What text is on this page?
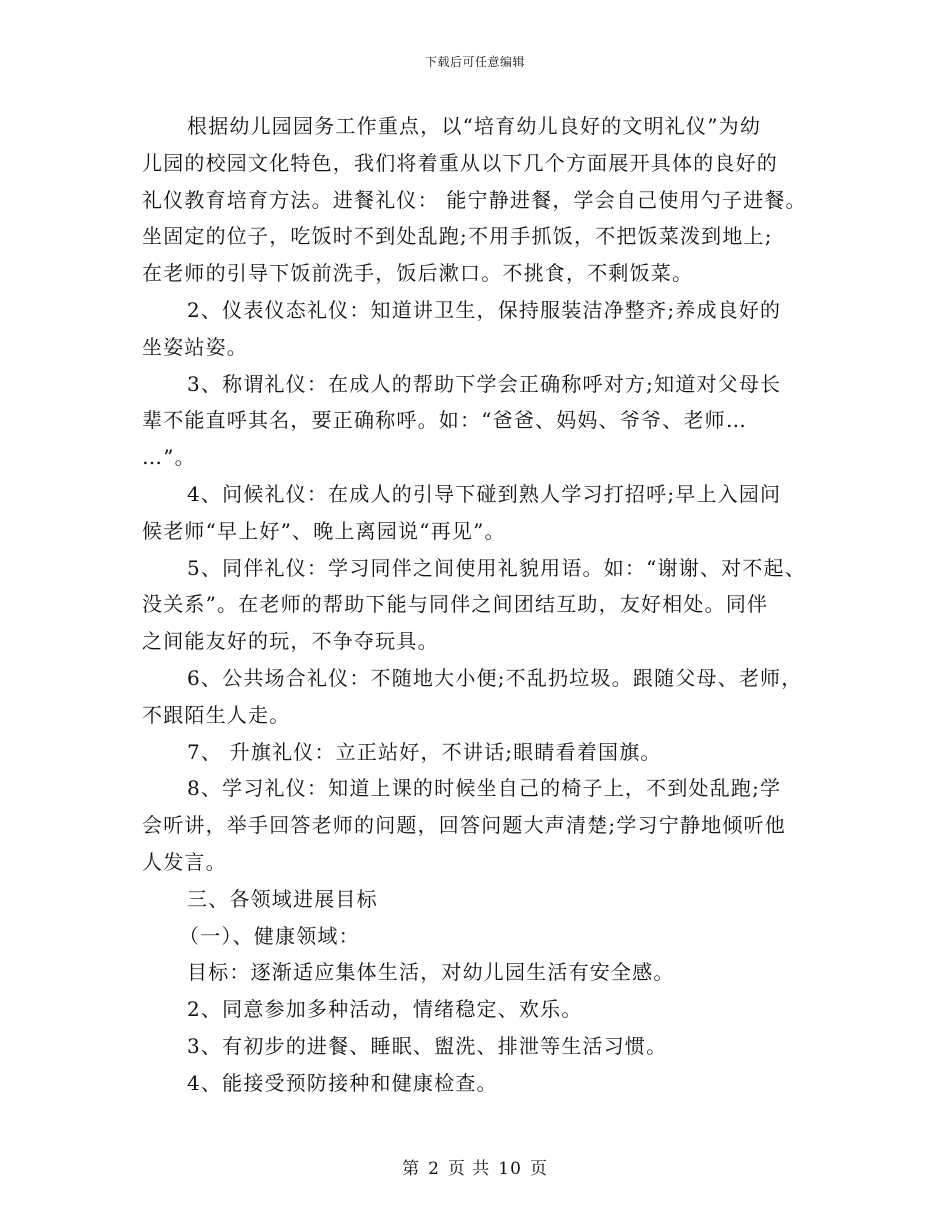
下载后可任意编辑
根据幼儿园园务工作重点，以“培育幼儿良好的文明礼仪”为幼
儿园的校园文化特色，我们将着重从以下几个方面展开具体的良好的
礼仪教育培育方法。进餐礼仪： 能宁静进餐，学会自己使用勺子进餐。
坐固定的位子，吃饭时不到处乱跑;不用手抓饭，不把饭菜泼到地上;
在老师的引导下饭前洗手，饭后漱口。不挑食，不剩饭菜。
2、仪表仪态礼仪：知道讲卫生，保持服装洁净整齐;养成良好的
坐姿站姿。
3、称谓礼仪：在成人的帮助下学会正确称呼对方;知道对父母长
辈不能直呼其名，要正确称呼。如：“爸爸、妈妈、爷爷、老师…
…”。
4、问候礼仪：在成人的引导下碰到熟人学习打招呼;早上入园问
候老师“早上好”、晚上离园说“再见”。
5、同伴礼仪：学习同伴之间使用礼貌用语。如：“谢谢、对不起、
没关系”。在老师的帮助下能与同伴之间团结互助，友好相处。同伴
之间能友好的玩，不争夺玩具。
6、公共场合礼仪：不随地大小便;不乱扔垃圾。跟随父母、老师，
不跟陌生人走。
7、 升旗礼仪：立正站好，不讲话;眼睛看着国旗。
8、学习礼仪：知道上课的时候坐自己的椅子上，不到处乱跑;学
会听讲，举手回答老师的问题，回答问题大声清楚;学习宁静地倾听他
人发言。
三、各领域进展目标
（一）、健康领域：
目标：逐渐适应集体生活，对幼儿园生活有安全感。
2、同意参加多种活动，情绪稳定、欢乐。
3、有初步的进餐、睡眠、盥洗、排泄等生活习惯。
4、能接受预防接种和健康检查。
第 2 页 共 10 页
